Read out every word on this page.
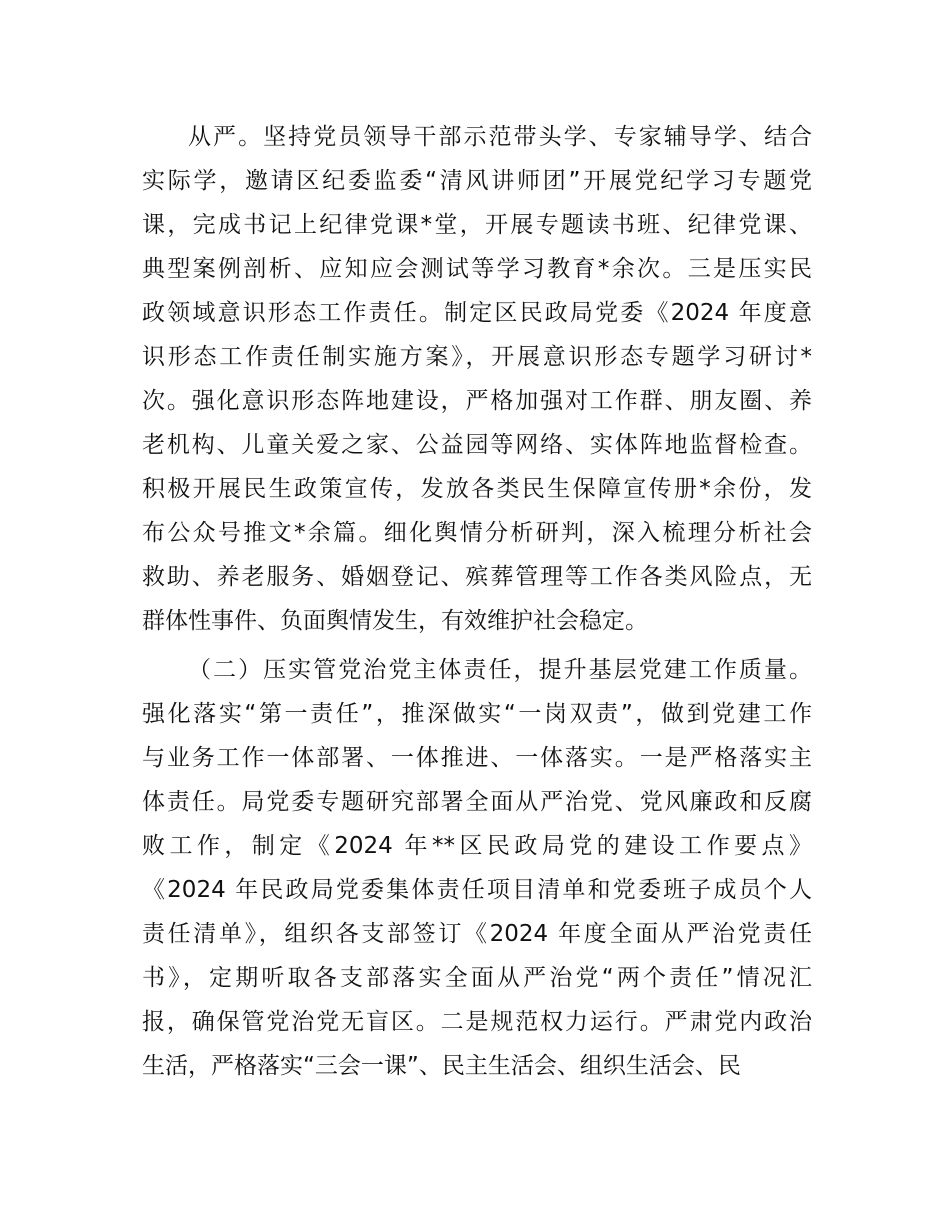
从严。坚持党员领导干部示范带头学、专家辅导学、结合
实际学，邀请区纪委监委“清风讲师团”开展党纪学习专题党
课，完成书记上纪律党课*堂，开展专题读书班、纪律党课、
典型案例剖析、应知应会测试等学习教育*余次。三是压实民
政领域意识形态工作责任。制定区民政局党委《2024 年度意
识形态工作责任制实施方案》，开展意识形态专题学习研讨*
次。强化意识形态阵地建设，严格加强对工作群、朋友圈、养
老机构、儿童关爱之家、公益园等网络、实体阵地监督检查。
积极开展民生政策宣传，发放各类民生保障宣传册*余份，发
布公众号推文*余篇。细化舆情分析研判，深入梳理分析社会
救助、养老服务、婚姻登记、殡葬管理等工作各类风险点，无
群体性事件、负面舆情发生，有效维护社会稳定。
（二）压实管党治党主体责任，提升基层党建工作质量。
强化落实“第一责任”，推深做实“一岗双责”，做到党建工作
与业务工作一体部署、一体推进、一体落实。一是严格落实主
体责任。局党委专题研究部署全面从严治党、党风廉政和反腐
败工作，制定《2024 年**区民政局党的建设工作要点》
《2024 年民政局党委集体责任项目清单和党委班子成员个人
责任清单》，组织各支部签订《2024 年度全面从严治党责任
书》，定期听取各支部落实全面从严治党“两个责任”情况汇
报，确保管党治党无盲区。二是规范权力运行。严肃党内政治
生活，严格落实“三会一课”、民主生活会、组织生活会、民
